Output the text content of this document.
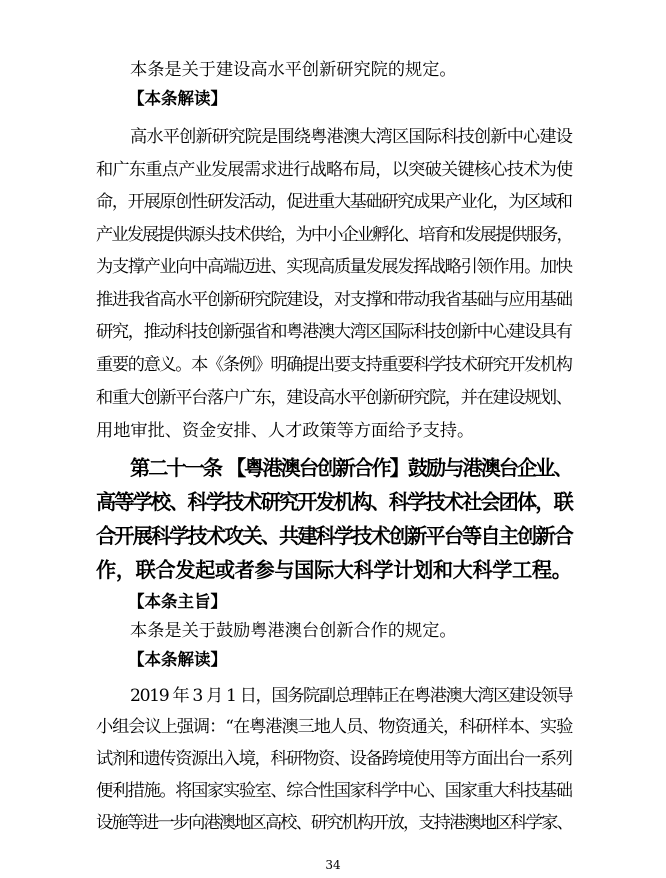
本条是关于建设高水平创新研究院的规定。

【本条解读】

高水平创新研究院是围绕粤港澳大湾区国际科技创新中心建设

和广东重点产业发展需求进行战略布局，以突破关键核心技术为使

命，开展原创性研发活动，促进重大基础研究成果产业化，为区域和

产业发展提供源头技术供给，为中小企业孵化、培育和发展提供服务，

为支撑产业向中高端迈进、实现高质量发展发挥战略引领作用。加快

推进我省高水平创新研究院建设，对支撑和带动我省基础与应用基础

研究，推动科技创新强省和粤港澳大湾区国际科技创新中心建设具有

重要的意义。本《条例》明确提出要支持重要科学技术研究开发机构

和重大创新平台落户广东，建设高水平创新研究院，并在建设规划、

用地审批、资金安排、人才政策等方面给予支持。

第二十一条 【粤港澳台创新合作】鼓励与港澳台企业、

高等学校、科学技术研究开发机构、科学技术社会团体，联

合开展科学技术攻关、共建科学技术创新平台等自主创新合

作，联合发起或者参与国际大科学计划和大科学工程。

【本条主旨】

本条是关于鼓励粤港澳台创新合作的规定。

【本条解读】

2019 年 3 月 1 日，国务院副总理韩正在粤港澳大湾区建设领导

小组会议上强调：“在粤港澳三地人员、物资通关，科研样本、实验

试剂和遗传资源出入境，科研物资、设备跨境使用等方面出台一系列

便利措施。将国家实验室、综合性国家科学中心、国家重大科技基础

设施等进一步向港澳地区高校、研究机构开放，支持港澳地区科学家、

34
